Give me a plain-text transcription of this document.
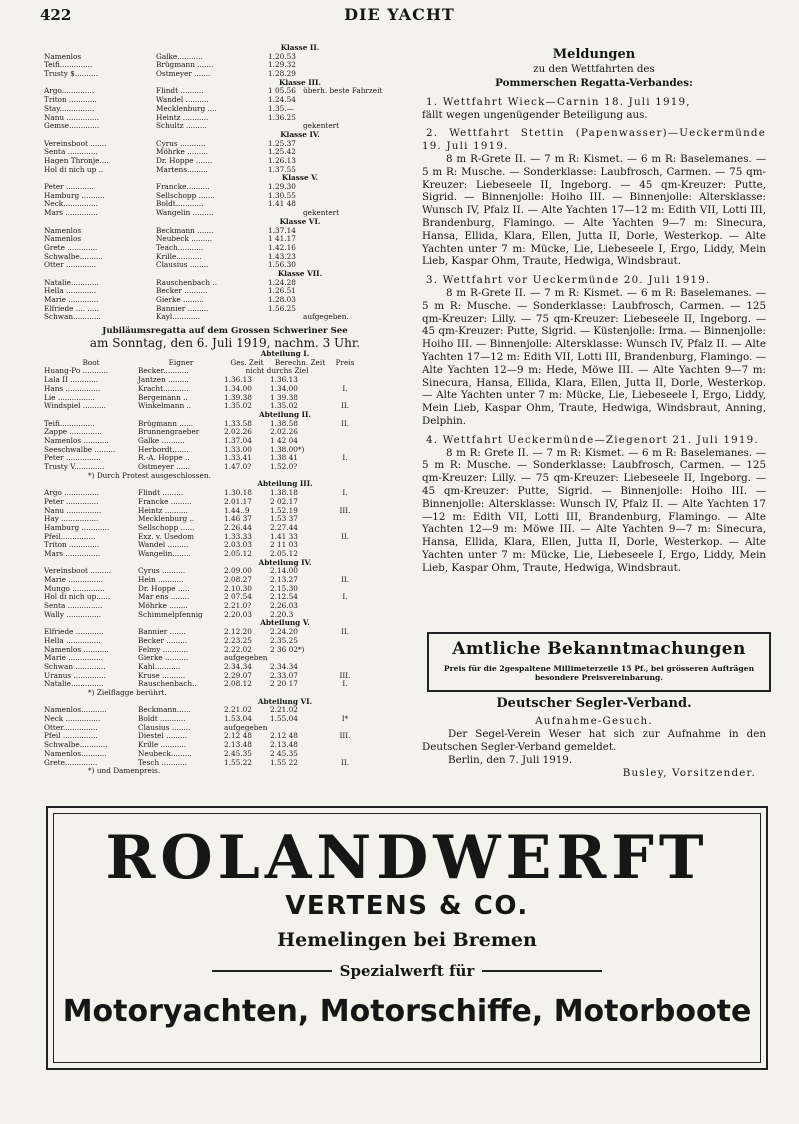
422	DIE YACHT
Klasse II.
Namenlos	Galke...........	1.20.53
Teifi..............	Brügmann .......	1.29.32
Trusty $..........	Ostmeyer .......	1.28.29
Klasse III.
Argo..............	Flindt ..........	1 05.56 überh. beste Fahrzeit
Triton ............	Wandel ..........	1.24.54
Stay...............	Mecklenburg ....	1.35.—
Nanu ..............	Heintz ...........	1.36.25
Gemse.............	Schultz .........	gekentert
Klasse IV.
Vereinsboot .......	Cyrus ...........	1.25.37
Senta .............	Möhrke .........	1.25.42
Hagen Thronje....	Dr. Hoppe .......	1.26.13
Hol di nich up ..	Martens.........	1.37.55
Klasse V.
Peter ............	Francke..........	1.29.30
Hamburg ..........	Sellschopp .......	1.30.55
Neck...............	Boldt............	1.41 48
Mars ..............	Wangelin .........	gekentert
Klasse VI.
Namenlos	Beckmann .......	1.37.14
Namenlos	Neubeck .........	1 41.17
Grete .............	Teach...........	1.42.16
Schwalbe..........	Krille...........	1.43.23
Otter .............	Clausius ........	1.56.30
Klasse VII.
Natalie............	Rauschenbach ..	1.24.28
Hella .............	Becker ..........	1.26.51
Marie .............	Gierke .........	1.28.03
Elfriede .... .....	Bannier .........	1.56.25
Schwan............	Kayl............	aufgegeben.
Jubiläumsregatta auf dem Grossen Schweriner See
am Sonntag, den 6. Juli 1919, nachm. 3 Uhr.
Abteilung I.
Boot	Eigner	Ges. Zeit	Berechn. Zeit	Preis
Huang-Po ...........	Becker...........	nicht durchs Ziel
Lala II ............	Jantzen .........	1.36.13	1.36.13
Hans ...............	Kracht...........	1.34.00	1.34.00	I.
Lie ................	Bergemann ..	1.39.38	1 39.38
Windspiel ..........	Winkelmann ..	1.35.02	1.35.02	II.
Abteilung II.
Teifi...............	Brügmann ......	1.33.58	1.38.58	II.
Zappe ..............	Brunnengraeber	2.02.26	2.02.26
Namenlos ...........	Galke ..........	1.37.04	1 42 04
Seeschwalbe .........	Herbordt.......	1.33.00	1.38.00*)
Peter ...............	R.-A. Hoppe ..	1.33.41	1.38 41	I.
Trusty V.............	Ostmeyer ......	1.47.0?	1.52.0?
*) Durch Protest ausgeschlossen.
Abteilung III.
Argo ...............	Flindt .........	1.30.18	1.38.18	I.
Peter ..............	Francke .........	2.01.17	2 02.17
Nanu ...............	Heintz ..........	1.44..9	1.52.19	III.
Hay ................	Mecklenburg ..	1.46 37	1.53 37
Hamburg ............	Sellschopp ......	2.26.44	2.27.44
Pfeil...............	Exz. v. Usedom	1.33.33	1.41 33	II.
Triton .............	Wandel .........	2.03.03	2 11 03
Mars ...............	Wangelin........	2.05.12	2.05.12
Abteilung IV.
Vereinsboot .........	Cyrus ..........	2.09.00	2.14.00
Marie ...............	Hein ...........	2.08.27	2.13.27	II.
Mungo ..............	Dr. Hoppe .....	2.10.30	2.15.30
Hol di nich up......	Mar ens ........	2 07.54	2.12.54	I.
Senta ...............	Möhrke ........	2.21.0?	2.26.03
Wally ...............	Schimmelpfennig	2.20.03	2.20.3
Abteilung V.
Elfriede ............	Bannier .......	2.12.20	2.24.20	II.
Hella ...............	Becker .........	2.23.25	2.35.25
Namenlos ...........	Felmy ...........	2.22.02	2 36 02*)
Marie ...............	Gierke ..........	aufgegeben
Schwan .............	Kahl...........	2.34.34	2.34.34
Uranus ..............	Kruse ..........	2.29.07	2.33.07	III.
Natalie..............	Rauschenbach..	2.08.12	2 20 17	I.
*) Zielflagge berührt.
Abteilung VI.
Namenlos...........	Beckmann......	2.21.02	2.21.02
Neck ...............	Boldt ...........	1.53.04	1.55.04	I*
Otter...............	Clausius ........	aufgegeben
Pfeil ...............	Diestel .........	2.12 48	2.12 48	III.
Schwalbe............	Krille ...........	2.13.48	2.13.48
Namenlos...........	Neubeck.........	2.45.35	2 45.35
Grete..............	Tesch ...........	1.55.22	1.55 22	II.
*) und Damenpreis.
Meldungen
zu den Wettfahrten des
Pommerschen Regatta-Verbandes:
1. Wettfahrt Wieck—Carnin 18. Juli 1919,

fällt wegen ungenügender Beteiligung aus.

2. Wettfahrt Stettin (Papenwasser)—Ueckermünde 19. Juli 1919.

8 m R-Grete II. — 7 m R: Kismet. — 6 m R: Baselemanes. — 5 m R: Musche. — Sonderklasse: Laubfrosch, Carmen. — 75 qm-Kreuzer: Liebeseele II, Ingeborg. — 45 qm-Kreuzer: Putte, Sigrid. — Binnenjolle: Hoiho III. — Binnenjolle: Altersklasse: Wunsch IV, Pfalz II. — Alte Yachten 17—12 m: Edith VII, Lotti III, Brandenburg, Flamingo. — Alte Yachten 9—7 m: Sinecura, Hansa, Ellida, Klara, Ellen, Jutta II, Dorle, Westerkop. — Alte Yachten unter 7 m: Mücke, Lie, Liebeseele I, Ergo, Liddy, Mein Lieb, Kaspar Ohm, Traute, Hedwiga, Windsbraut.

3. Wettfahrt vor Ueckermünde 20. Juli 1919.

8 m R-Grete II. — 7 m R: Kismet. — 6 m R: Baselemanes. — 5 m R: Musche. — Sonderklasse: Laubfrosch, Carmen. — 125 qm-Kreuzer: Lilly. — 75 qm-Kreuzer: Liebeseele II, Ingeborg. — 45 qm-Kreuzer: Putte, Sigrid. — Küstenjolle: Irma. — Binnenjolle: Hoiho III. — Binnenjolle: Altersklasse: Wunsch IV, Pfalz II. — Alte Yachten 17—12 m: Edith VII, Lotti III, Brandenburg, Flamingo. — Alte Yachten 12—9 m: Hede, Möwe III. — Alte Yachten 9—7 m: Sinecura, Hansa, Ellida, Klara, Ellen, Jutta II, Dorle, Westerkop. — Alte Yachten unter 7 m: Mücke, Lie, Liebeseele I, Ergo, Liddy, Mein Lieb, Kaspar Ohm, Traute, Hedwiga, Windsbraut, Anning, Delphin.

4. Wettfahrt Ueckermünde—Ziegenort 21. Juli 1919.

8 m R: Grete II. — 7 m R: Kismet. — 6 m R: Baselemanes. — 5 m R: Musche. — Sonderklasse: Laubfrosch, Carmen. — 125 qm-Kreuzer: Lilly. — 75 qm-Kreuzer: Liebeseele II, Ingeborg. — 45 qm-Kreuzer: Putte, Sigrid. — Binnenjolle: Hoiho III. — Binnenjolle: Altersklasse: Wunsch IV, Pfalz II. — Alte Yachten 17—12 m: Edith VII, Lotti III, Brandenburg, Flamingo. — Alte Yachten 12—9 m: Möwe III. — Alte Yachten 9—7 m: Sinecura, Hansa, Ellida, Klara, Ellen, Jutta II, Dorle, Westerkop. — Alte Yachten unter 7 m: Mücke, Lie, Liebeseele I, Ergo, Liddy, Mein Lieb, Kaspar Ohm, Traute, Hedwiga, Windsbraut.

Amtliche Bekanntmachungen
Preis für die 2gespaltene Millimeterzeile 15 Pf., bei grösseren Aufträgen
besondere Preisvereinbarung.
Deutscher Segler-Verband.
Aufnahme-Gesuch.

Der Segel-Verein Weser hat sich zur Aufnahme in den Deutschen Segler-Verband gemeldet.

Berlin, den 7. Juli 1919.
Busley, Vorsitzender.
ROLANDWERFT
VERTENS & CO.
Hemelingen bei Bremen
Spezialwerft für
Motoryachten, Motorschiffe, Motorboote
